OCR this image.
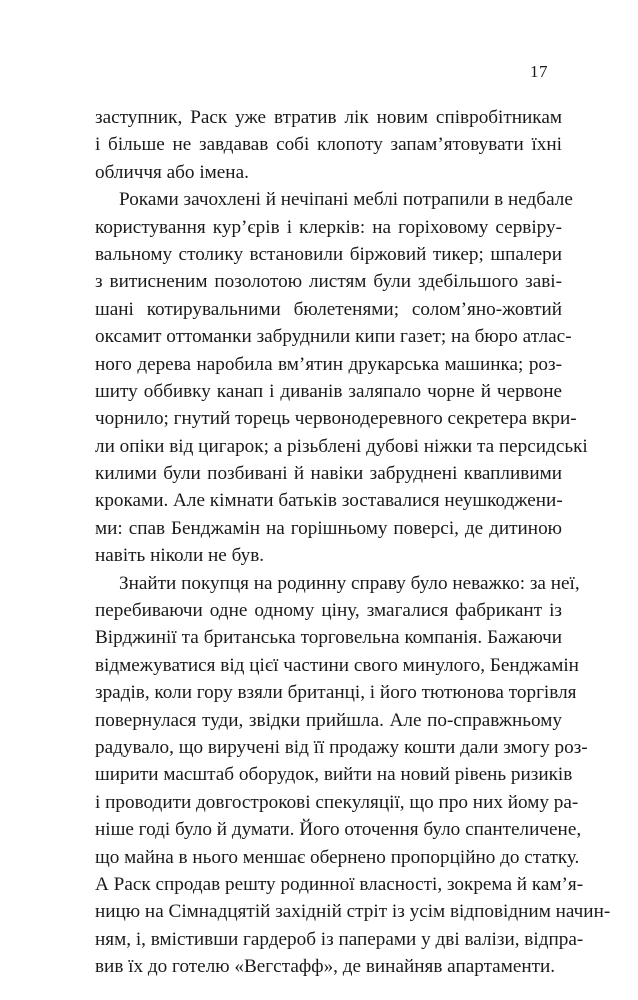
17
заступник, Раск уже втратив лік новим співробітникам
і більше не завдавав собі клопоту запам’ятовувати їхні
обличчя або імена.
Роками зачохлені й нечіпані меблі потрапили в недбале
користування кур’єрів і клерків: на горіховому сервіру-
вальному столику встановили біржовий тикер; шпалери
з витисненим позолотою листям були здебільшого заві-
шані котирувальними бюлетенями; солом’яно-жовтий
оксамит оттоманки забруднили кипи газет; на бюро атлас-
ного дерева наробила вм’ятин друкарська машинка; роз-
шиту оббивку канап і диванів заляпало чорне й червоне
чорнило; гнутий торець червонодеревного секретера вкри-
ли опіки від цигарок; а різьблені дубові ніжки та персидські
килими були позбивані й навіки забруднені квапливими
кроками. Але кімнати батьків зоставалися неушкоджени-
ми: спав Бенджамін на горішньому поверсі, де дитиною
навіть ніколи не був.
Знайти покупця на родинну справу було неважко: за неї,
перебиваючи одне одному ціну, змагалися фабрикант із
Вірджинії та британська торговельна компанія. Бажаючи
відмежуватися від цієї частини свого минулого, Бенджамін
зрадів, коли гору взяли британці, і його тютюнова торгівля
повернулася туди, звідки прийшла. Але по-справжньому
радувало, що виручені від її продажу кошти дали змогу роз-
ширити масштаб оборудок, вийти на новий рівень ризиків
і проводити довгострокові спекуляції, що про них йому ра-
ніше годі було й думати. Його оточення було спантеличене,
що майна в нього меншає обернено пропорційно до статку.
А Раск спродав решту родинної власності, зокрема й кам’я-
ницю на Сімнадцятій західній стріт із усім відповідним начин-
ням, і, вмістивши гардероб із паперами у дві валізи, відпра-
вив їх до готелю «Вегстафф», де винайняв апартаменти.
